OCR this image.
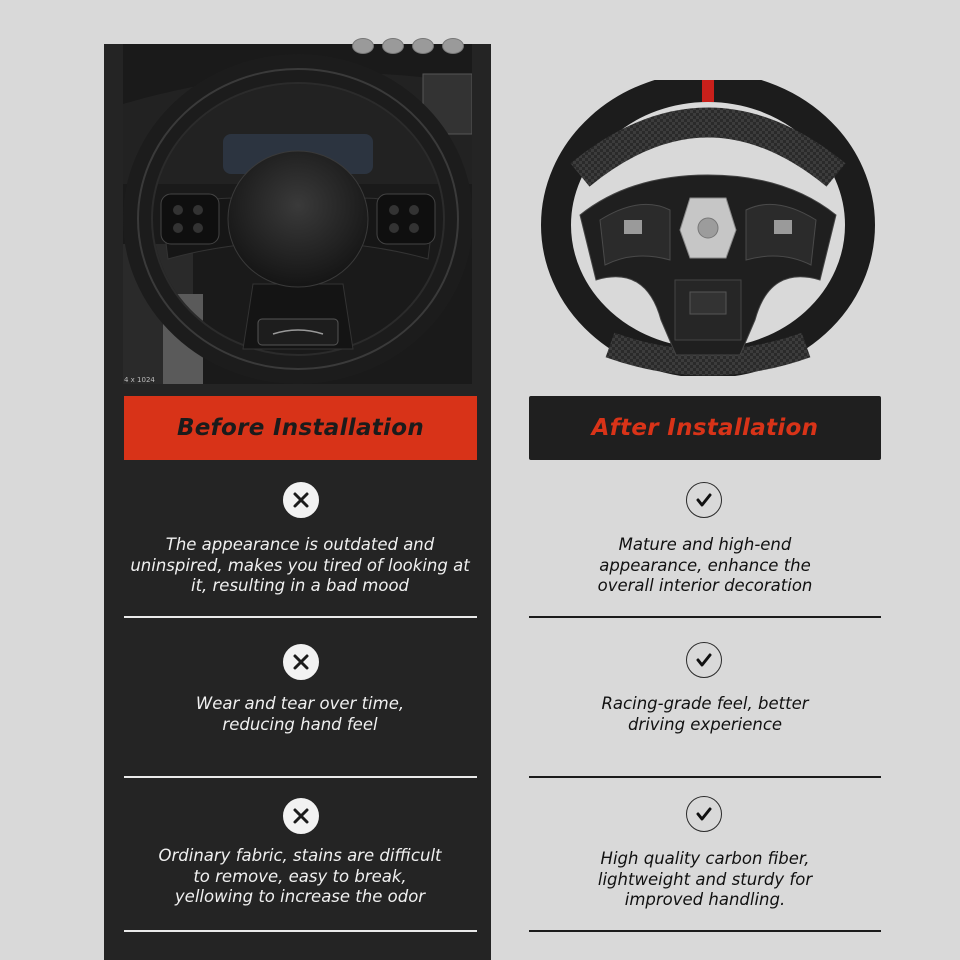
4 x 1024
Before Installation	After Installation
The appearance is outdated and uninspired, makes you tired of looking at it, resulting in a bad mood
Wear and tear over time, reducing hand feel
Ordinary fabric, stains are difficult to remove, easy to break, yellowing to increase the odor
Mature and high-end appearance, enhance the overall interior decoration
Racing-grade feel, better driving experience
High quality carbon fiber, lightweight and sturdy for improved handling.
